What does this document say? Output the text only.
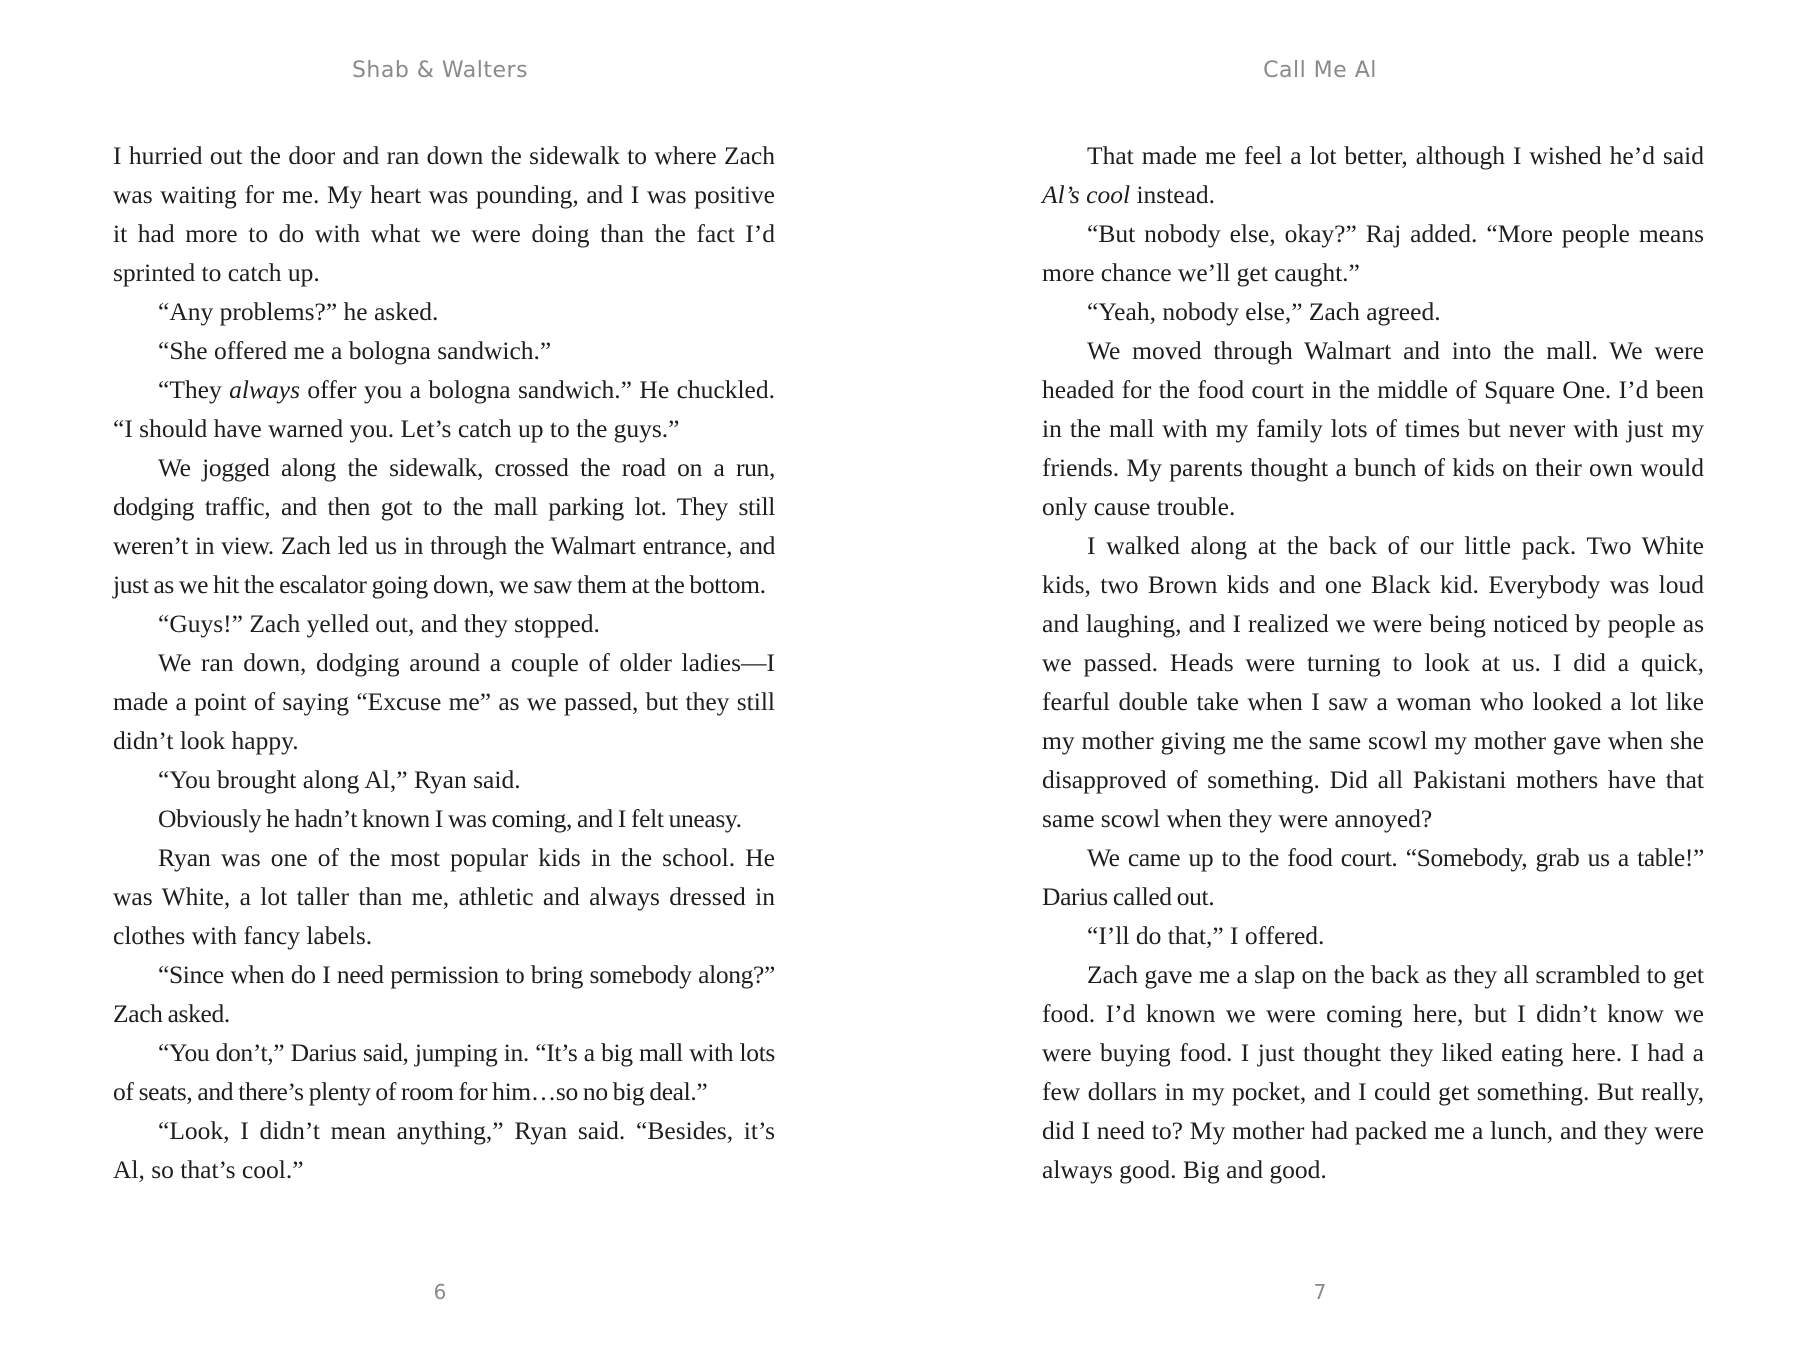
Shab & Walters

I hurried out the door and ran down the sidewalk to where Zach was waiting for me. My heart was pounding, and I was positive it had more to do with what we were doing than the fact I’d sprinted to catch up.

“Any problems?” he asked.

“She offered me a bologna sandwich.”

“They always offer you a bologna sandwich.” He chuckled. “I should have warned you. Let’s catch up to the guys.”

We jogged along the sidewalk, crossed the road on a run, dodging traffic, and then got to the mall parking lot. They still weren’t in view. Zach led us in through the Walmart entrance, and just as we hit the escalator going down, we saw them at the bottom.

“Guys!” Zach yelled out, and they stopped.

We ran down, dodging around a couple of older ladies—I made a point of saying “Excuse me” as we passed, but they still didn’t look happy.

“You brought along Al,” Ryan said.

Obviously he hadn’t known I was coming, and I felt uneasy.

Ryan was one of the most popular kids in the school. He was White, a lot taller than me, athletic and always dressed in clothes with fancy labels.

“Since when do I need permission to bring somebody along?” Zach asked.

“You don’t,” Darius said, jumping in. “It’s a big mall with lots of seats, and there’s plenty of room for him…so no big deal.”

“Look, I didn’t mean anything,” Ryan said. “Besides, it’s Al, so that’s cool.”

6
Call Me Al

That made me feel a lot better, although I wished he’d said Al’s cool instead.

“But nobody else, okay?” Raj added. “More people means more chance we’ll get caught.”

“Yeah, nobody else,” Zach agreed.

We moved through Walmart and into the mall. We were headed for the food court in the middle of Square One. I’d been in the mall with my family lots of times but never with just my friends. My parents thought a bunch of kids on their own would only cause trouble.

I walked along at the back of our little pack. Two White kids, two Brown kids and one Black kid. Everybody was loud and laughing, and I realized we were being noticed by people as we passed. Heads were turning to look at us. I did a quick, fearful double take when I saw a woman who looked a lot like my mother giving me the same scowl my mother gave when she disapproved of something. Did all Pakistani mothers have that same scowl when they were annoyed?

We came up to the food court. “Somebody, grab us a table!” Darius called out.

“I’ll do that,” I offered.

Zach gave me a slap on the back as they all scrambled to get food. I’d known we were coming here, but I didn’t know we were buying food. I just thought they liked eating here. I had a few dollars in my pocket, and I could get something. But really, did I need to? My mother had packed me a lunch, and they were always good. Big and good.

7
